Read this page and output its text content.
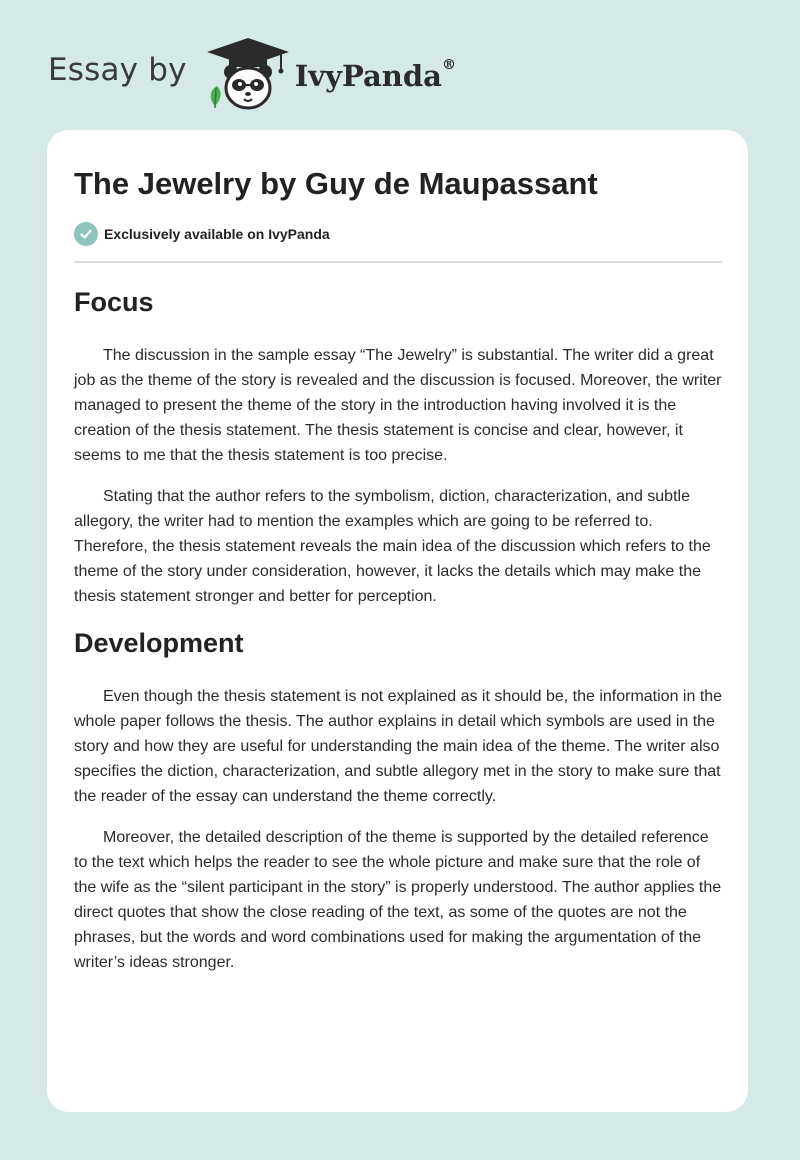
Essay by	IvyPanda®
The Jewelry by Guy de Maupassant
Exclusively available on IvyPanda
Focus

The discussion in the sample essay “The Jewelry” is substantial. The writer did a great job as the theme of the story is revealed and the discussion is focused. Moreover, the writer managed to present the theme of the story in the introduction having involved it is the creation of the thesis statement. The thesis statement is concise and clear, however, it seems to me that the thesis statement is too precise.

Stating that the author refers to the symbolism, diction, characterization, and subtle allegory, the writer had to mention the examples which are going to be referred to. Therefore, the thesis statement reveals the main idea of the discussion which refers to the theme of the story under consideration, however, it lacks the details which may make the thesis statement stronger and better for perception.

Development

Even though the thesis statement is not explained as it should be, the information in the whole paper follows the thesis. The author explains in detail which symbols are used in the story and how they are useful for understanding the main idea of the theme. The writer also specifies the diction, characterization, and subtle allegory met in the story to make sure that the reader of the essay can understand the theme correctly.

Moreover, the detailed description of the theme is supported by the detailed reference to the text which helps the reader to see the whole picture and make sure that the role of the wife as the “silent participant in the story” is properly understood. The author applies the direct quotes that show the close reading of the text, as some of the quotes are not the phrases, but the words and word combinations used for making the argumentation of the writer’s ideas stronger.
